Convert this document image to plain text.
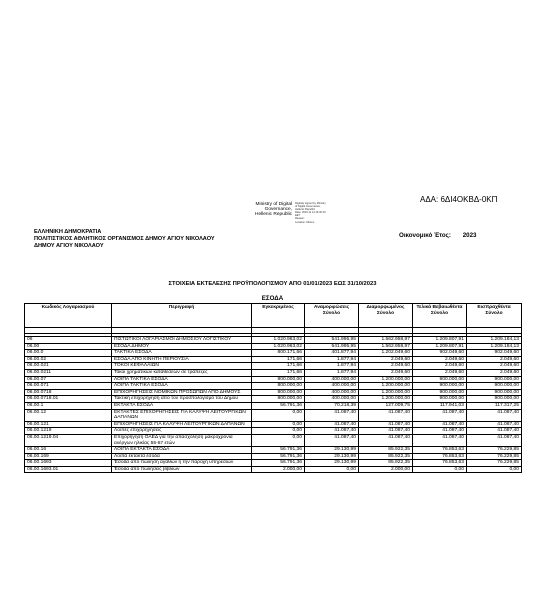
ΑΔΑ: 6ΔΙ4ΟΚΒΔ-0ΚΠ
Ministry of Digital
Governance,
Hellenic Republic
Digitally signed by Ministry
of Digital Governance,
Hellenic Republic
Date: 2023.11.14 16:30:19
EET
Reason:
Location: Athens
ΕΛΛΗΝΙΚΗ ΔΗΜΟΚΡΑΤΙΑ
ΠΟΛΙΤΙΣΤΙΚΟΣ ΑΘΛΗΤΙΚΟΣ ΟΡΓΑΝΙΣΜΟΣ ΔΗΜΟΥ ΑΓΙΟΥ ΝΙΚΟΛΑΟΥ
ΔΗΜΟΥ ΑΓΙΟΥ ΝΙΚΟΛΑΟΥ
Οικονομικό Έτος: 2023
ΣΤΟΙΧΕΙΑ ΕΚΤΕΛΕΣΗΣ ΠΡΟΫΠΟΛΟΓΙΣΜΟΥ ΑΠΟ 01/01/2023 ΕΩΣ 31/10/2023
ΕΣΟΔΑ
Κωδικός Λογαριασμού	Περιγραφή	Εγκεκριμένος	Αναμορφώσεις Σύνολο	Διαμορφωμένος Σύνολο	Τελικά Βεβαιωθέντα Σύνολο	Εισπραχθέντα Σύνολο

06	ΠΙΣΤΩΤΙΚΟΙ ΛΟΓΑΡΙΑΣΜΟΙ ΔΗΜΟΣΙΟΥ ΛΟΓΙΣΤΙΚΟΥ	1.020.963,02	541.995,95	1.562.958,97	1.209.807,91	1.209.184,13
06.00	ΕΣΟΔΑ ΔΗΜΟΥ	1.020.963,02	541.995,95	1.562.958,97	1.209.807,91	1.209.184,13
06.00.0	ΤΑΚΤΙΚΑ ΕΣΟΔΑ	800.171,66	401.877,94	1.202.049,60	902.049,60	902.049,60
06.00.02	ΕΣΟΔΑ ΑΠΟ ΚΙΝΗΤΗ ΠΕΡΙΟΥΣΙΑ	171,66	1.877,94	2.049,60	2.049,60	2.049,60
06.00.021	ΤΟΚΟΙ ΚΕΦΑΛΑΙΩΝ	171,66	1.877,94	2.049,60	2.049,60	2.049,60
06.00.0211	Τόκοι χρηματικών καταθέσεων σε τράπεζες	171,66	1.877,94	2.049,60	2.049,60	2.049,60
06.00.07	ΛΟΙΠΑ ΤΑΚΤΙΚΑ ΕΣΟΔΑ	800.000,00	400.000,00	1.200.000,00	900.000,00	900.000,00
06.00.071	ΛΟΙΠΑ ΤΑΚΤΙΚΑ ΕΣΟΔΑ	800.000,00	400.000,00	1.200.000,00	900.000,00	900.000,00
06.00.0718	ΕΠΙΧΟΡΗΓΗΣΕΙΣ ΝΟΜΙΚΩΝ ΠΡΟΣΩΠΩΝ ΑΠΟ ΔΗΜΟΥΣ	800.000,00	400.000,00	1.200.000,00	900.000,00	900.000,00
06.00.0718.01	Τακτική επιχορήγηση από τον προϋπολογισμό του Δήμου	800.000,00	400.000,00	1.200.000,00	900.000,00	900.000,00
06.00.1	ΕΚΤΑΚΤΑ ΕΣΟΔΑ	56.791,36	70.218,39	127.009,75	117.941,03	117.317,25
06.00.12	ΕΚΤΑΚΤΕΣ ΕΠΙΧΟΡΗΓΗΣΕΙΣ ΓΙΑ ΚΑΛΥΨΗ ΛΕΙΤΟΥΡΓΙΚΩΝ ΔΑΠΑΝΩΝ	0,00	41.087,40	41.087,40	41.087,40	41.087,40
06.00.121	ΕΠΙΧΟΡΗΓΗΣΕΙΣ ΓΙΑ ΚΑΛΥΨΗ ΛΕΙΤΟΥΡΓΙΚΩΝ ΔΑΠΑΝΩΝ	0,00	41.087,40	41.087,40	41.087,40	41.087,40
06.00.1219	Λοιπές επιχορηγήσεις	0,00	41.087,40	41.087,40	41.087,40	41.087,40
06.00.1219.04	Επιχορήγηση ΟΑΕΔ για την απασχόληση μακροχρόνια ανέργων ηλικίας 55-67 ετών	0,00	41.087,40	41.087,40	41.087,40	41.087,40
06.00.16	ΛΟΙΠΑ ΕΚΤΑΚΤΑ ΕΣΟΔΑ	56.791,36	29.130,99	85.922,35	76.853,63	76.229,85
06.00.169	Λοιπά έκτακτα έσοδα	56.791,36	29.130,99	85.922,35	76.853,63	76.229,85
06.00.1693	Έσοδα από πώληση αγαθών ή την παροχή υπηρεσιών	56.791,36	29.130,99	85.922,35	76.853,63	76.229,85
06.00.1693.01	Έσοδα από πωλήσεις βιβλίων	2.000,00	0,00	2.000,00	0,00	0,00
